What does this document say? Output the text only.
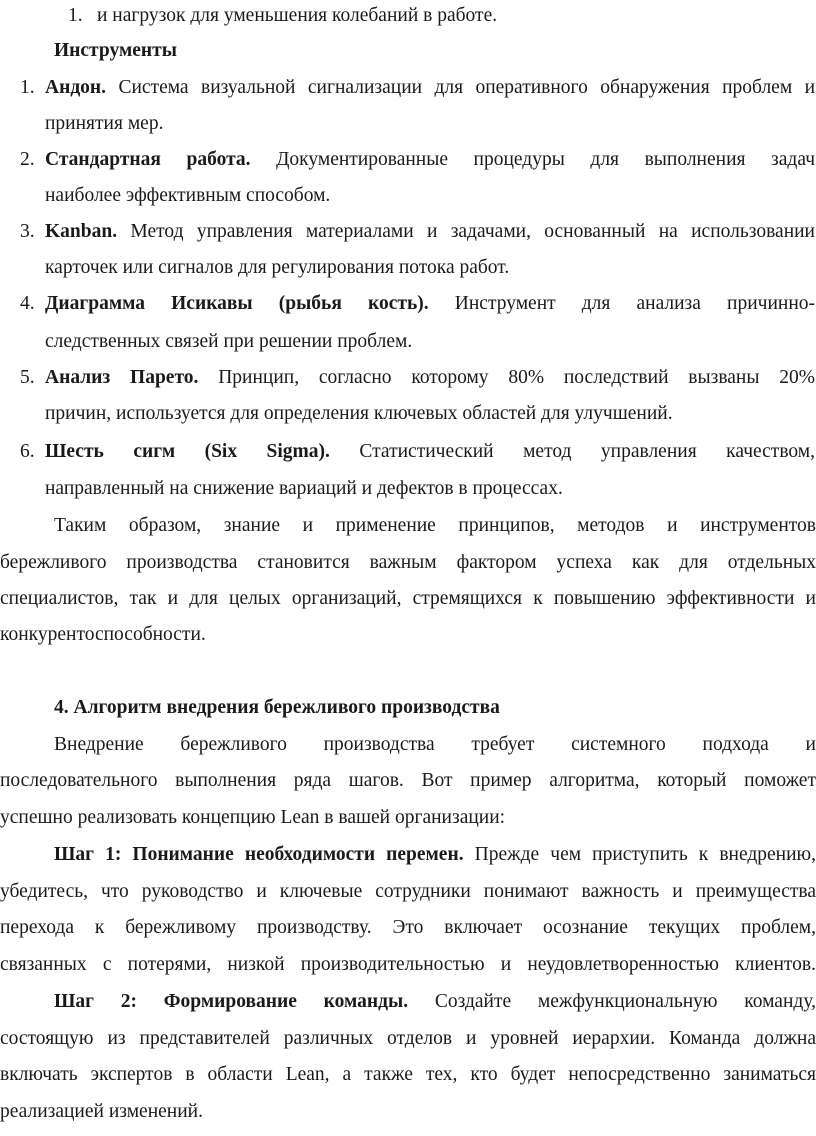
1. и нагрузок для уменьшения колебаний в работе.
Инструменты
1. Андон. Система визуальной сигнализации для оперативного обнаружения проблем и
принятия мер.
2. Стандартная работа. Документированные процедуры для выполнения задач
наиболее эффективным способом.
3. Kanban. Метод управления материалами и задачами, основанный на использовании
карточек или сигналов для регулирования потока работ.
4. Диаграмма Исикавы (рыбья кость). Инструмент для анализа причинно-
следственных связей при решении проблем.
5. Анализ Парето. Принцип, согласно которому 80% последствий вызваны 20%
причин, используется для определения ключевых областей для улучшений.
6. Шесть сигм (Six Sigma). Статистический метод управления качеством,
направленный на снижение вариаций и дефектов в процессах.
Таким образом, знание и применение принципов, методов и инструментов
бережливого производства становится важным фактором успеха как для отдельных
специалистов, так и для целых организаций, стремящихся к повышению эффективности и
конкурентоспособности.
4. Алгоритм внедрения бережливого производства
Внедрение бережливого производства требует системного подхода и
последовательного выполнения ряда шагов. Вот пример алгоритма, который поможет
успешно реализовать концепцию Lean в вашей организации:
Шаг 1: Понимание необходимости перемен. Прежде чем приступить к внедрению,
убедитесь, что руководство и ключевые сотрудники понимают важность и преимущества
перехода к бережливому производству. Это включает осознание текущих проблем,
связанных с потерями, низкой производительностью и неудовлетворенностью клиентов.
Шаг 2: Формирование команды. Создайте межфункциональную команду,
состоящую из представителей различных отделов и уровней иерархии. Команда должна
включать экспертов в области Lean, а также тех, кто будет непосредственно заниматься
реализацией изменений.
